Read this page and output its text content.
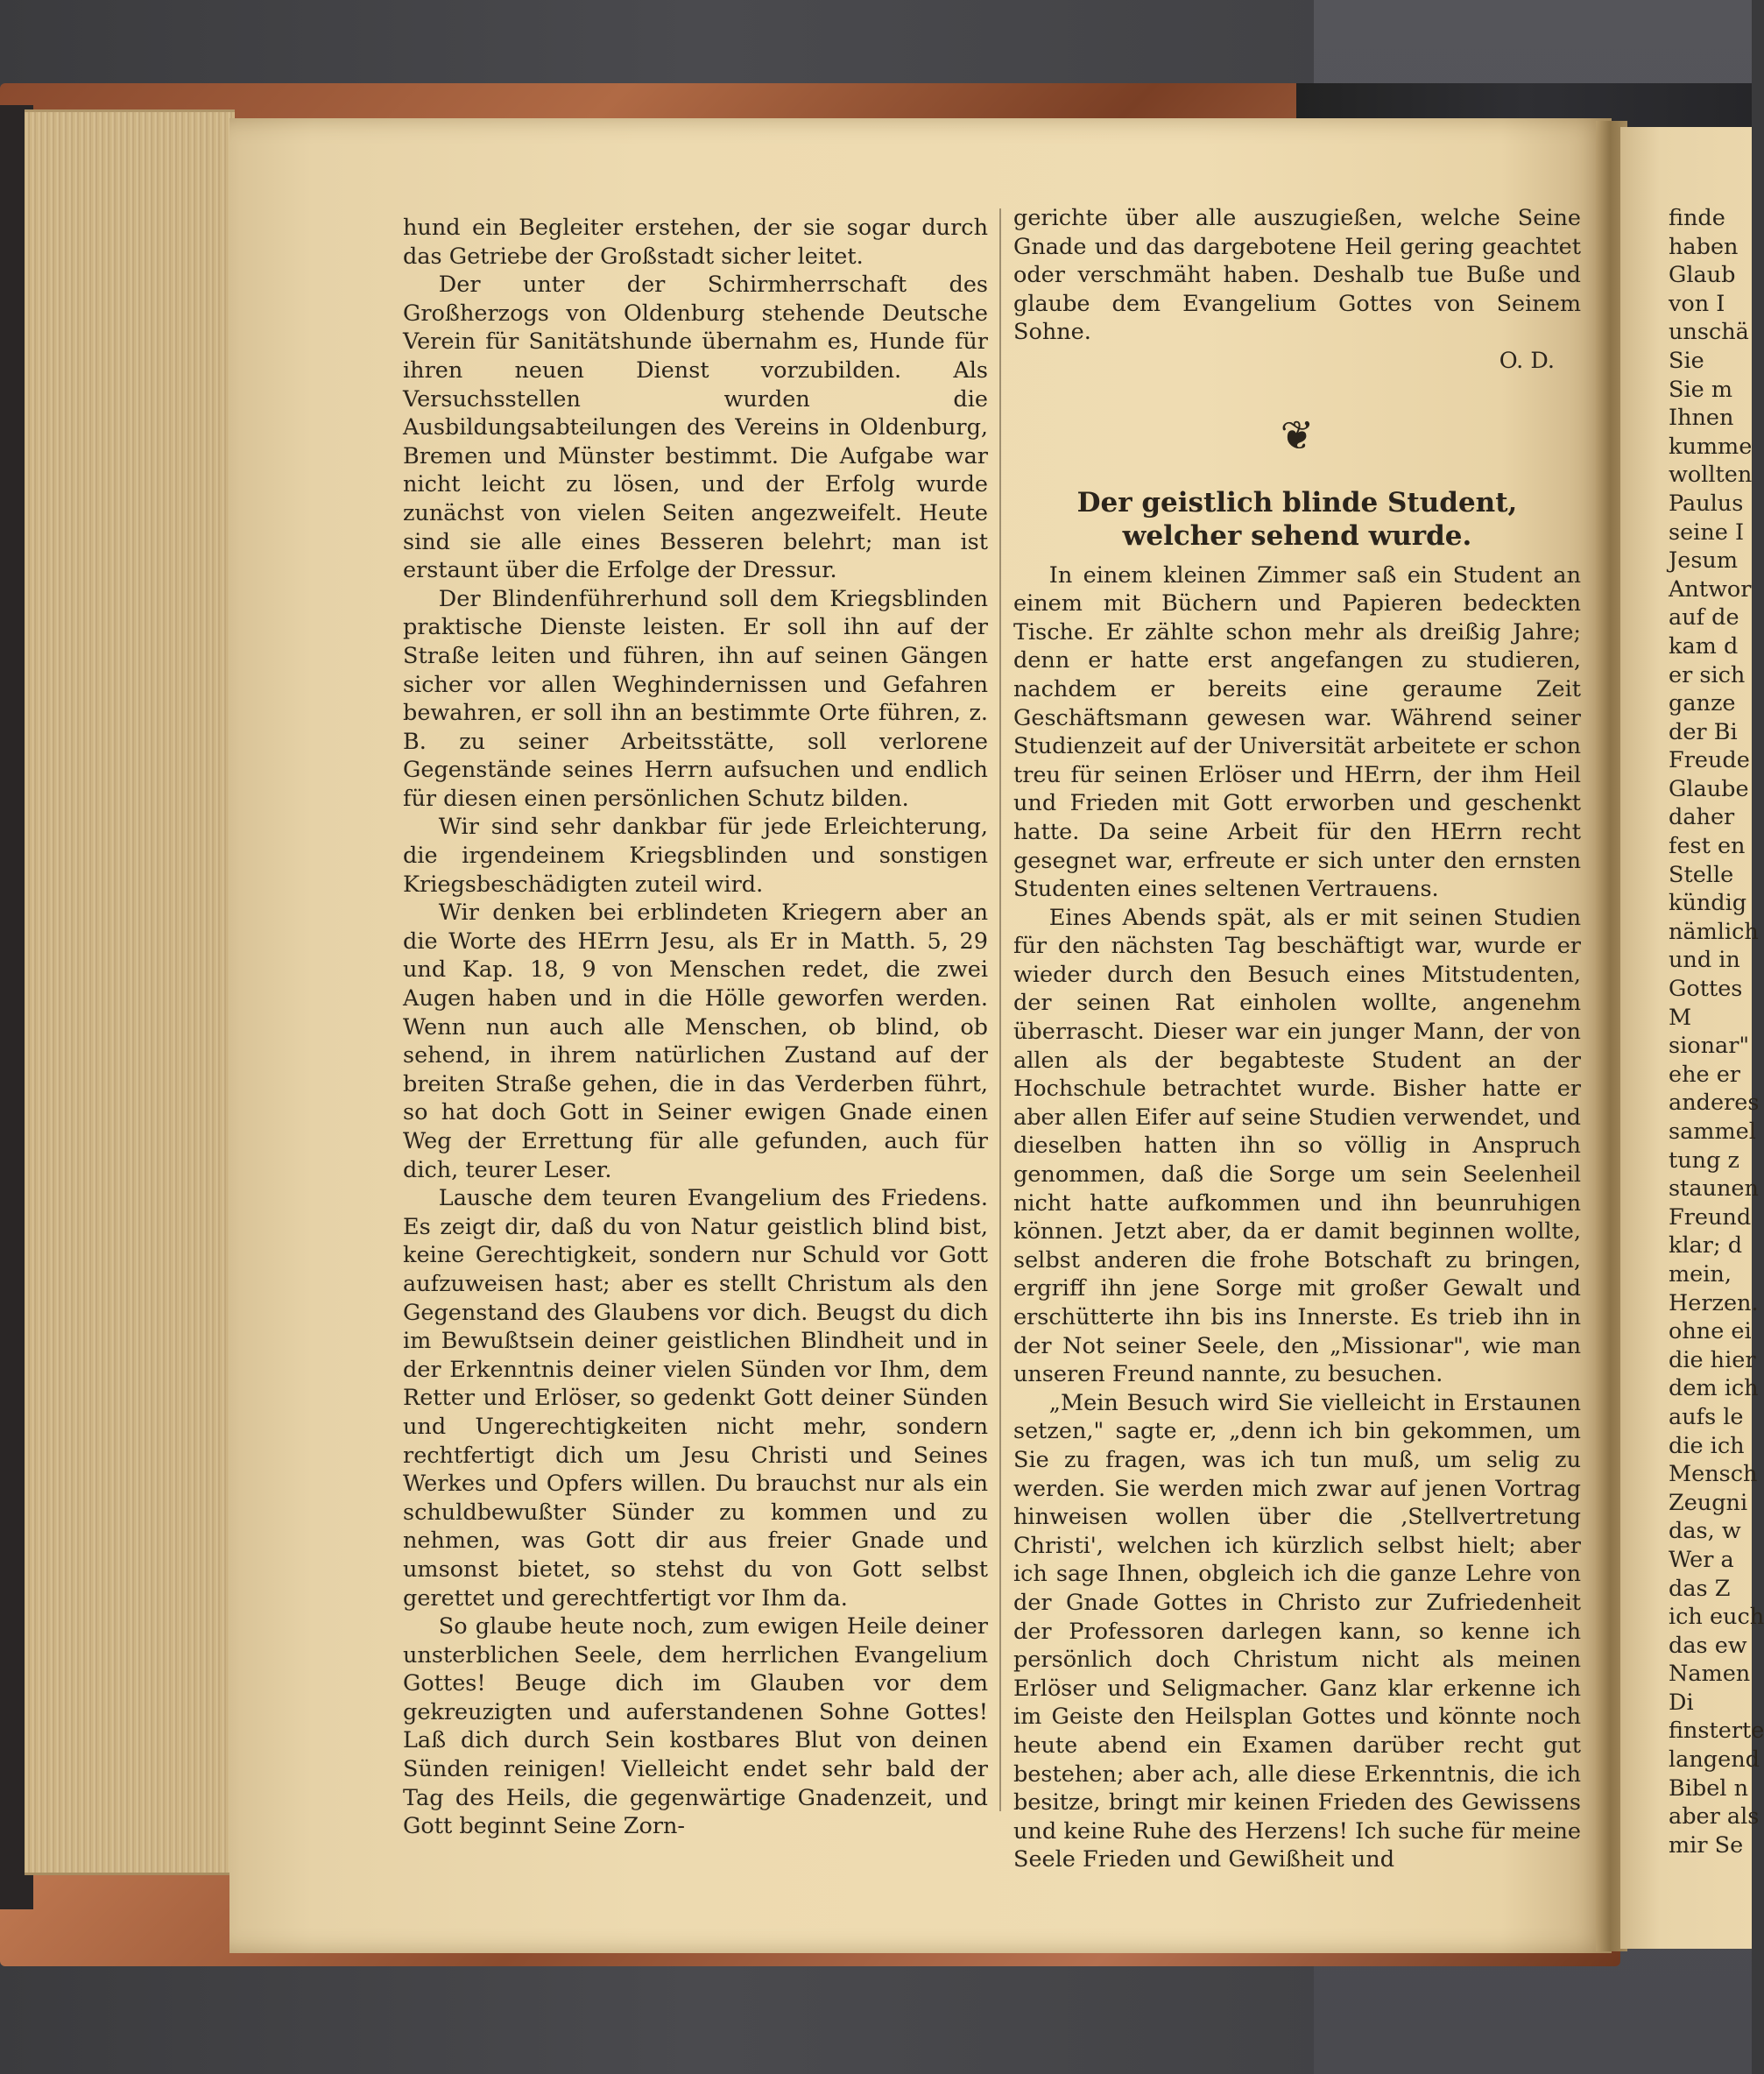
hund ein Begleiter erstehen, der sie sogar durch das Getriebe der Großstadt sicher leitet.

Der unter der Schirmherrschaft des Großherzogs von Oldenburg stehende Deutsche Verein für Sanitätshunde übernahm es, Hunde für ihren neuen Dienst vorzubilden. Als Versuchsstellen wurden die Ausbildungsabteilungen des Vereins in Oldenburg, Bremen und Münster bestimmt. Die Aufgabe war nicht leicht zu lösen, und der Erfolg wurde zunächst von vielen Seiten angezweifelt. Heute sind sie alle eines Besseren belehrt; man ist erstaunt über die Erfolge der Dressur.

Der Blindenführerhund soll dem Kriegsblinden praktische Dienste leisten. Er soll ihn auf der Straße leiten und führen, ihn auf seinen Gängen sicher vor allen Weghindernissen und Gefahren bewahren, er soll ihn an bestimmte Orte führen, z. B. zu seiner Arbeitsstätte, soll verlorene Gegenstände seines Herrn aufsuchen und endlich für diesen einen persönlichen Schutz bilden.

Wir sind sehr dankbar für jede Erleichterung, die irgendeinem Kriegsblinden und sonstigen Kriegsbeschädigten zuteil wird.

Wir denken bei erblindeten Kriegern aber an die Worte des HErrn Jesu, als Er in Matth. 5, 29 und Kap. 18, 9 von Menschen redet, die zwei Augen haben und in die Hölle geworfen werden. Wenn nun auch alle Menschen, ob blind, ob sehend, in ihrem natürlichen Zustand auf der breiten Straße gehen, die in das Verderben führt, so hat doch Gott in Seiner ewigen Gnade einen Weg der Errettung für alle gefunden, auch für dich, teurer Leser.

Lausche dem teuren Evangelium des Friedens. Es zeigt dir, daß du von Natur geistlich blind bist, keine Gerechtigkeit, sondern nur Schuld vor Gott aufzuweisen hast; aber es stellt Christum als den Gegenstand des Glaubens vor dich. Beugst du dich im Bewußtsein deiner geistlichen Blindheit und in der Erkenntnis deiner vielen Sünden vor Ihm, dem Retter und Erlöser, so gedenkt Gott deiner Sünden und Ungerechtigkeiten nicht mehr, sondern rechtfertigt dich um Jesu Christi und Seines Werkes und Opfers willen. Du brauchst nur als ein schuldbewußter Sünder zu kommen und zu nehmen, was Gott dir aus freier Gnade und umsonst bietet, so stehst du von Gott selbst gerettet und gerechtfertigt vor Ihm da.

So glaube heute noch, zum ewigen Heile deiner unsterblichen Seele, dem herrlichen Evangelium Gottes! Beuge dich im Glauben vor dem gekreuzigten und auferstandenen Sohne Gottes! Laß dich durch Sein kostbares Blut von deinen Sünden reinigen! Vielleicht endet sehr bald der Tag des Heils, die gegenwärtige Gnadenzeit, und Gott beginnt Seine Zorn-

gerichte über alle auszugießen, welche Seine Gnade und das dargebotene Heil gering geachtet oder verschmäht haben. Deshalb tue Buße und glaube dem Evangelium Gottes von Seinem Sohne.

O. D.
❦
Der geistlich blinde Student, welcher sehend wurde.

In einem kleinen Zimmer saß ein Student an einem mit Büchern und Papieren bedeckten Tische. Er zählte schon mehr als dreißig Jahre; denn er hatte erst angefangen zu studieren, nachdem er bereits eine geraume Zeit Geschäftsmann gewesen war. Während seiner Studienzeit auf der Universität arbeitete er schon treu für seinen Erlöser und HErrn, der ihm Heil und Frieden mit Gott erworben und geschenkt hatte. Da seine Arbeit für den HErrn recht gesegnet war, erfreute er sich unter den ernsten Studenten eines seltenen Vertrauens.

Eines Abends spät, als er mit seinen Studien für den nächsten Tag beschäftigt war, wurde er wieder durch den Besuch eines Mitstudenten, der seinen Rat einholen wollte, angenehm überrascht. Dieser war ein junger Mann, der von allen als der begabteste Student an der Hochschule betrachtet wurde. Bisher hatte er aber allen Eifer auf seine Studien verwendet, und dieselben hatten ihn so völlig in Anspruch genommen, daß die Sorge um sein Seelenheil nicht hatte aufkommen und ihn beunruhigen können. Jetzt aber, da er damit beginnen wollte, selbst anderen die frohe Botschaft zu bringen, ergriff ihn jene Sorge mit großer Gewalt und erschütterte ihn bis ins Innerste. Es trieb ihn in der Not seiner Seele, den „Missionar", wie man unseren Freund nannte, zu besuchen.

„Mein Besuch wird Sie vielleicht in Erstaunen setzen," sagte er, „denn ich bin gekommen, um Sie zu fragen, was ich tun muß, um selig zu werden. Sie werden mich zwar auf jenen Vortrag hinweisen wollen über die ‚Stellvertretung Christi', welchen ich kürzlich selbst hielt; aber ich sage Ihnen, obgleich ich die ganze Lehre von der Gnade Gottes in Christo zur Zufriedenheit der Professoren darlegen kann, so kenne ich persönlich doch Christum nicht als meinen Erlöser und Seligmacher. Ganz klar erkenne ich im Geiste den Heilsplan Gottes und könnte noch heute abend ein Examen darüber recht gut bestehen; aber ach, alle diese Erkenntnis, die ich besitze, bringt mir keinen Frieden des Gewissens und keine Ruhe des Herzens! Ich suche für meine Seele Frieden und Gewißheit und

finde
haben
Glaub
von I
unschä
Sie
Sie m
Ihnen
kumme
wollten
Paulus
seine I
Jesum
Antwor
auf de
kam d
er sich
ganze
der Bi
Freude
Glaube
daher
fest en
Stelle
kündig
nämlich
und in
Gottes
M
sionar"
ehe er
anderes
sammel
tung z
staunen
Freund
klar; d
mein,
Herzen.
ohne ei
die hier
dem ich
aufs le
die ich
Mensch
Zeugni
das, w
Wer a
das Z
ich euch
das ew
Namen
Di
finsterte
langend
Bibel n
aber als
mir Se
